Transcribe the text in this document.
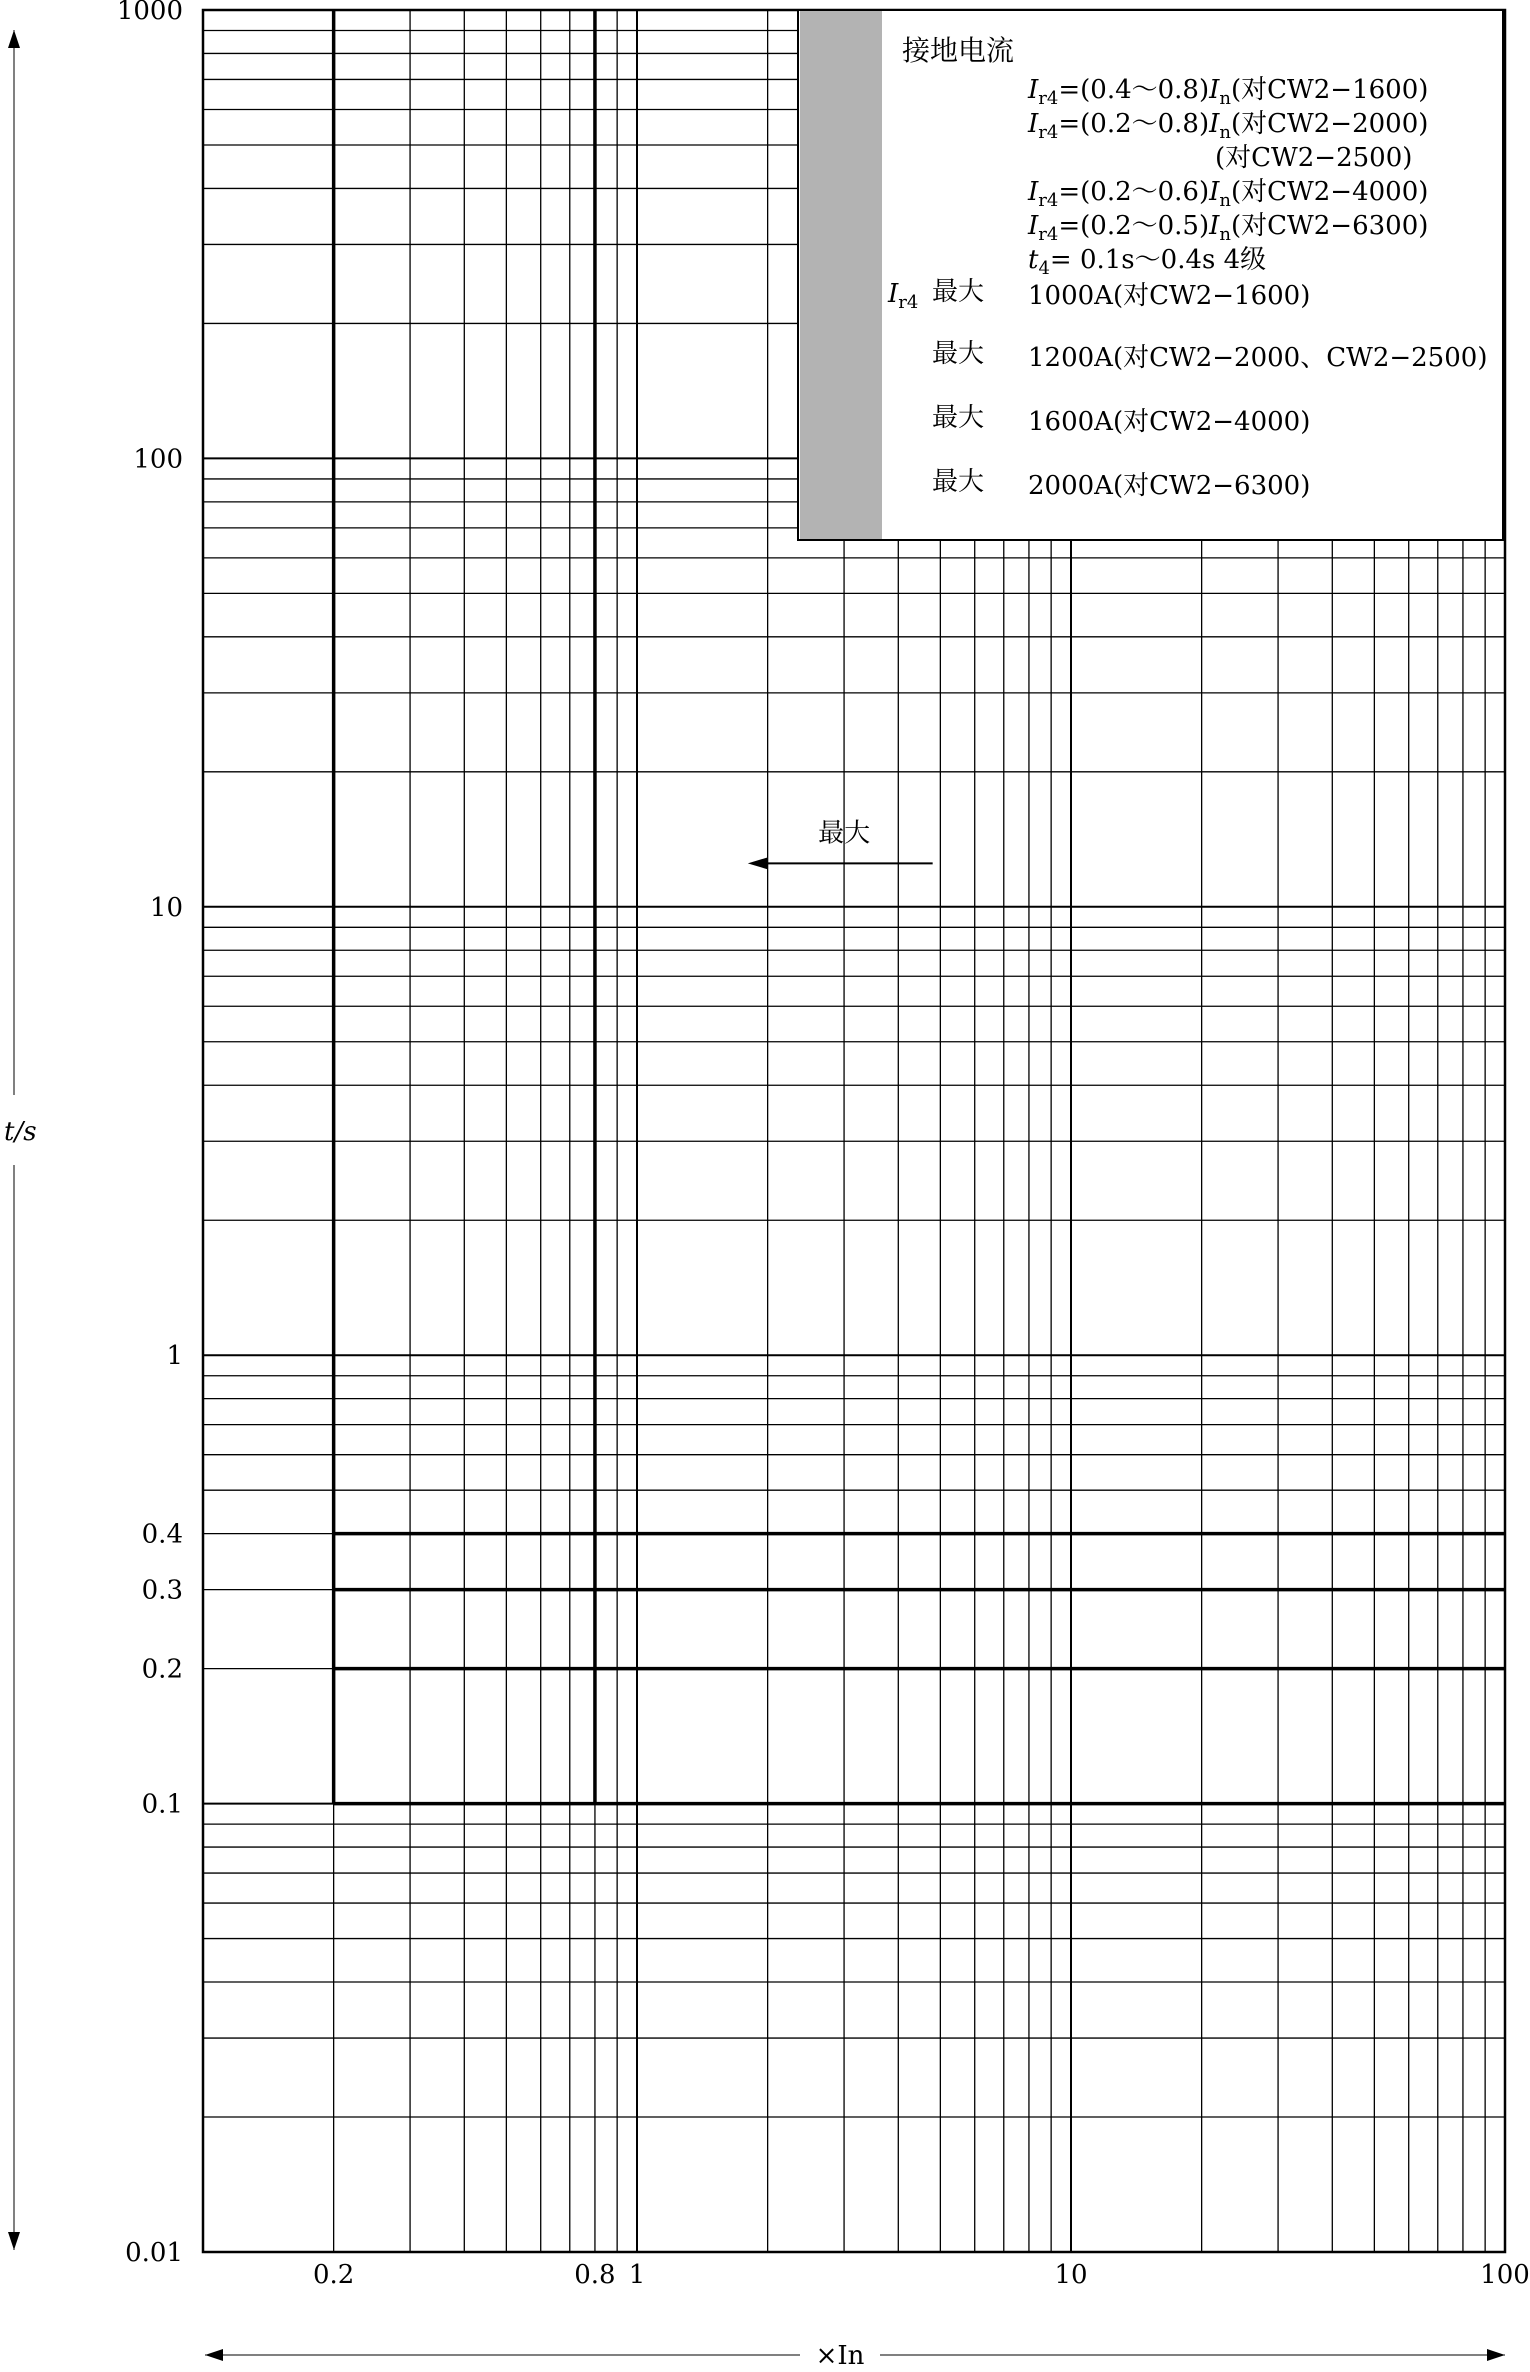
1000
100
10
1
0.4
0.3
0.2
0.1
0.01
0.2	0.8 1	10	100
t/s
×In
最大
接地电流
$I_{r4}=(0.4\sim 0.8)I_n$(对CW2−1600)
$I_{r4}=(0.2\sim 0.8)I_n$(对CW2−2000)
(对CW2−2500)
$I_{r4}=(0.2\sim 0.6)I_n$(对CW2−4000)
$I_{r4}=(0.2\sim 0.5)I_n$(对CW2−6300)
$t_4=$ 0.1s～0.4s 4级
$I_{r4}$ 最大 1000A(对CW2−1600)
最大 1200A(对CW2−2000、CW2−2500)
最大 1600A(对CW2−4000)
最大 2000A(对CW2−6300)
